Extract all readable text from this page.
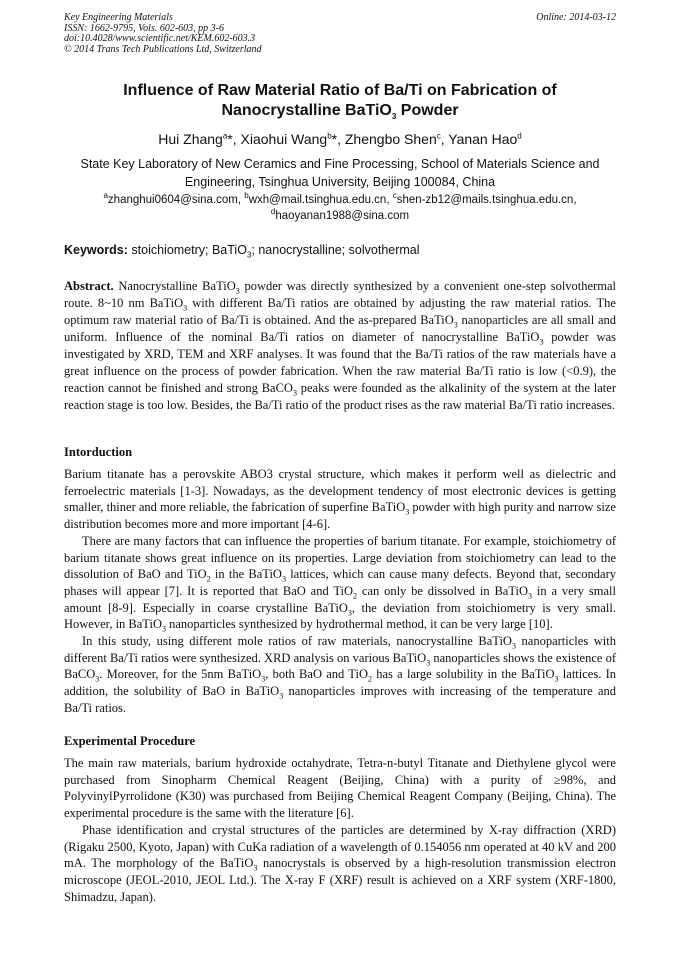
Key Engineering Materials
ISSN: 1662-9795, Vols. 602-603, pp 3-6
doi:10.4028/www.scientific.net/KEM.602-603.3
© 2014 Trans Tech Publications Ltd, Switzerland
Online: 2014-03-12
Influence of Raw Material Ratio of Ba/Ti on Fabrication of
Nanocrystalline BaTiO$_3$ Powder
Hui Zhang$^a$*, Xiaohui Wang$^b$*, Zhengbo Shen$^c$, Yanan Hao$^d$
State Key Laboratory of New Ceramics and Fine Processing, School of Materials Science and
Engineering, Tsinghua University, Beijing 100084, China
$^a$zhanghui0604@sina.com, $^b$wxh@mail.tsinghua.edu.cn, $^c$shen-zb12@mails.tsinghua.edu.cn,
$^d$haoyanan1988@sina.com
Keywords: stoichiometry; BaTiO$_3$; nanocrystalline; solvothermal
Abstract. Nanocrystalline BaTiO$_3$ powder was directly synthesized by a convenient one-step solvothermal route. 8~10 nm BaTiO$_3$ with different Ba/Ti ratios are obtained by adjusting the raw material ratios. The optimum raw material ratio of Ba/Ti is obtained. And the as-prepared BaTiO$_3$ nanoparticles are all small and uniform. Influence of the nominal Ba/Ti ratios on diameter of nanocrystalline BaTiO$_3$ powder was investigated by XRD, TEM and XRF analyses. It was found that the Ba/Ti ratios of the raw materials have a great influence on the process of powder fabrication. When the raw material Ba/Ti ratio is low (<0.9), the reaction cannot be finished and strong BaCO$_3$ peaks were founded as the alkalinity of the system at the later reaction stage is too low. Besides, the Ba/Ti ratio of the product rises as the raw material Ba/Ti ratio increases.
Intorduction

Barium titanate has a perovskite ABO3 crystal structure, which makes it perform well as dielectric and ferroelectric materials [1-3]. Nowadays, as the development tendency of most electronic devices is getting smaller, thiner and more reliable, the fabrication of superfine BaTiO$_3$ powder with high purity and narrow size distribution becomes more and more important [4-6].

There are many factors that can influence the properties of barium titanate. For example, stoichiometry of barium titanate shows great influence on its properties. Large deviation from stoichiometry can lead to the dissolution of BaO and TiO$_2$ in the BaTiO$_3$ lattices, which can cause many defects. Beyond that, secondary phases will appear [7]. It is reported that BaO and TiO$_2$ can only be dissolved in BaTiO$_3$ in a very small amount [8-9]. Especially in coarse crystalline BaTiO$_3$, the deviation from stoichiometry is very small. However, in BaTiO$_3$ nanoparticles synthesized by hydrothermal method, it can be very large [10].

In this study, using different mole ratios of raw materials, nanocrystalline BaTiO$_3$ nanoparticles with different Ba/Ti ratios were synthesized. XRD analysis on various BaTiO$_3$ nanoparticles shows the existence of BaCO$_3$. Moreover, for the 5nm BaTiO$_3$, both BaO and TiO$_2$ has a large solubility in the BaTiO$_3$ lattices. In addition, the solubility of BaO in BaTiO$_3$ nanoparticles improves with increasing of the temperature and Ba/Ti ratios.

Experimental Procedure

The main raw materials, barium hydroxide octahydrate, Tetra-n-butyl Titanate and Diethylene glycol were purchased from Sinopharm Chemical Reagent (Beijing, China) with a purity of ≥98%, and PolyvinylPyrrolidone (K30) was purchased from Beijing Chemical Reagent Company (Beijing, China). The experimental procedure is the same with the literature [6].

Phase identification and crystal structures of the particles are determined by X-ray diffraction (XRD) (Rigaku 2500, Kyoto, Japan) with CuKa radiation of a wavelength of 0.154056 nm operated at 40 kV and 200 mA. The morphology of the BaTiO$_3$ nanocrystals is observed by a high-resolution transmission electron microscope (JEOL-2010, JEOL Ltd.). The X-ray F (XRF) result is achieved on a XRF system (XRF-1800, Shimadzu, Japan).
